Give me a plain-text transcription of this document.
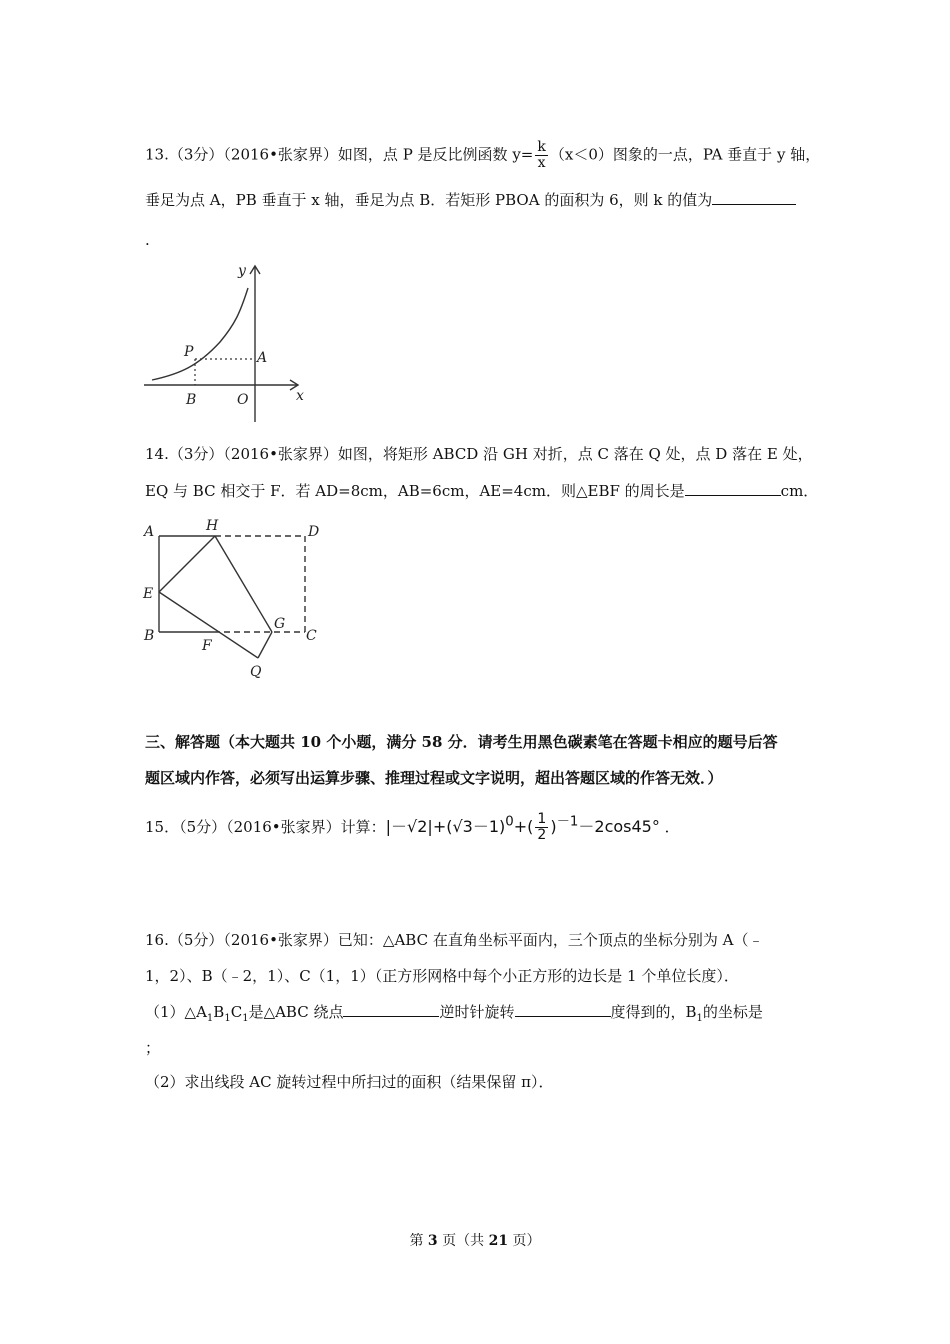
13.（3分）（2016•张家界）如图，点 P 是反比例函数 $y= \frac{k}{x} (x<0)$图象的一点，PA 垂直于 y 轴，
垂足为点 A，PB 垂直于 x 轴，垂足为点 B．若矩形 PBOA 的面积为 6，则 k 的值为
.
y
x
P	A
B	O
14.（3分）（2016•张家界）如图，将矩形 ABCD 沿 GH 对折，点 C 落在 Q 处，点 D 落在 E 处，
EQ 与 BC 相交于 F．若 AD=8cm，AB=6cm，AE=4cm．则△EBF 的周长是	cm．
A	H	D
E
B
F
G
C
Q
三、解答题（本大题共 10 个小题，满分 58 分．请考生用黑色碳素笔在答题卡相应的题号后答
题区域内作答，必须写出运算步骤、推理过程或文字说明，超出答题区域的作答无效．）
15．（5分）（2016•张家界）计算：$|-√2|+(√3-1)^0+( \frac{1}{2} )^{-1}-2\cos 45^\circ$ ．
16.（5分）（2016•张家界）已知：△ABC 在直角坐标平面内，三个顶点的坐标分别为 A（﹣
1，2）、B（﹣2，1）、C（1，1）（正方形网格中每个小正方形的边长是 1 个单位长度）．
$(1)\triangle A_1B_1C_1$是△ABC 绕点	逆时针旋转	度得到的，$B_1$的坐标是
；
（2）求出线段 AC 旋转过程中所扫过的面积（结果保留 π）．
第 3 页（共 21 页）
